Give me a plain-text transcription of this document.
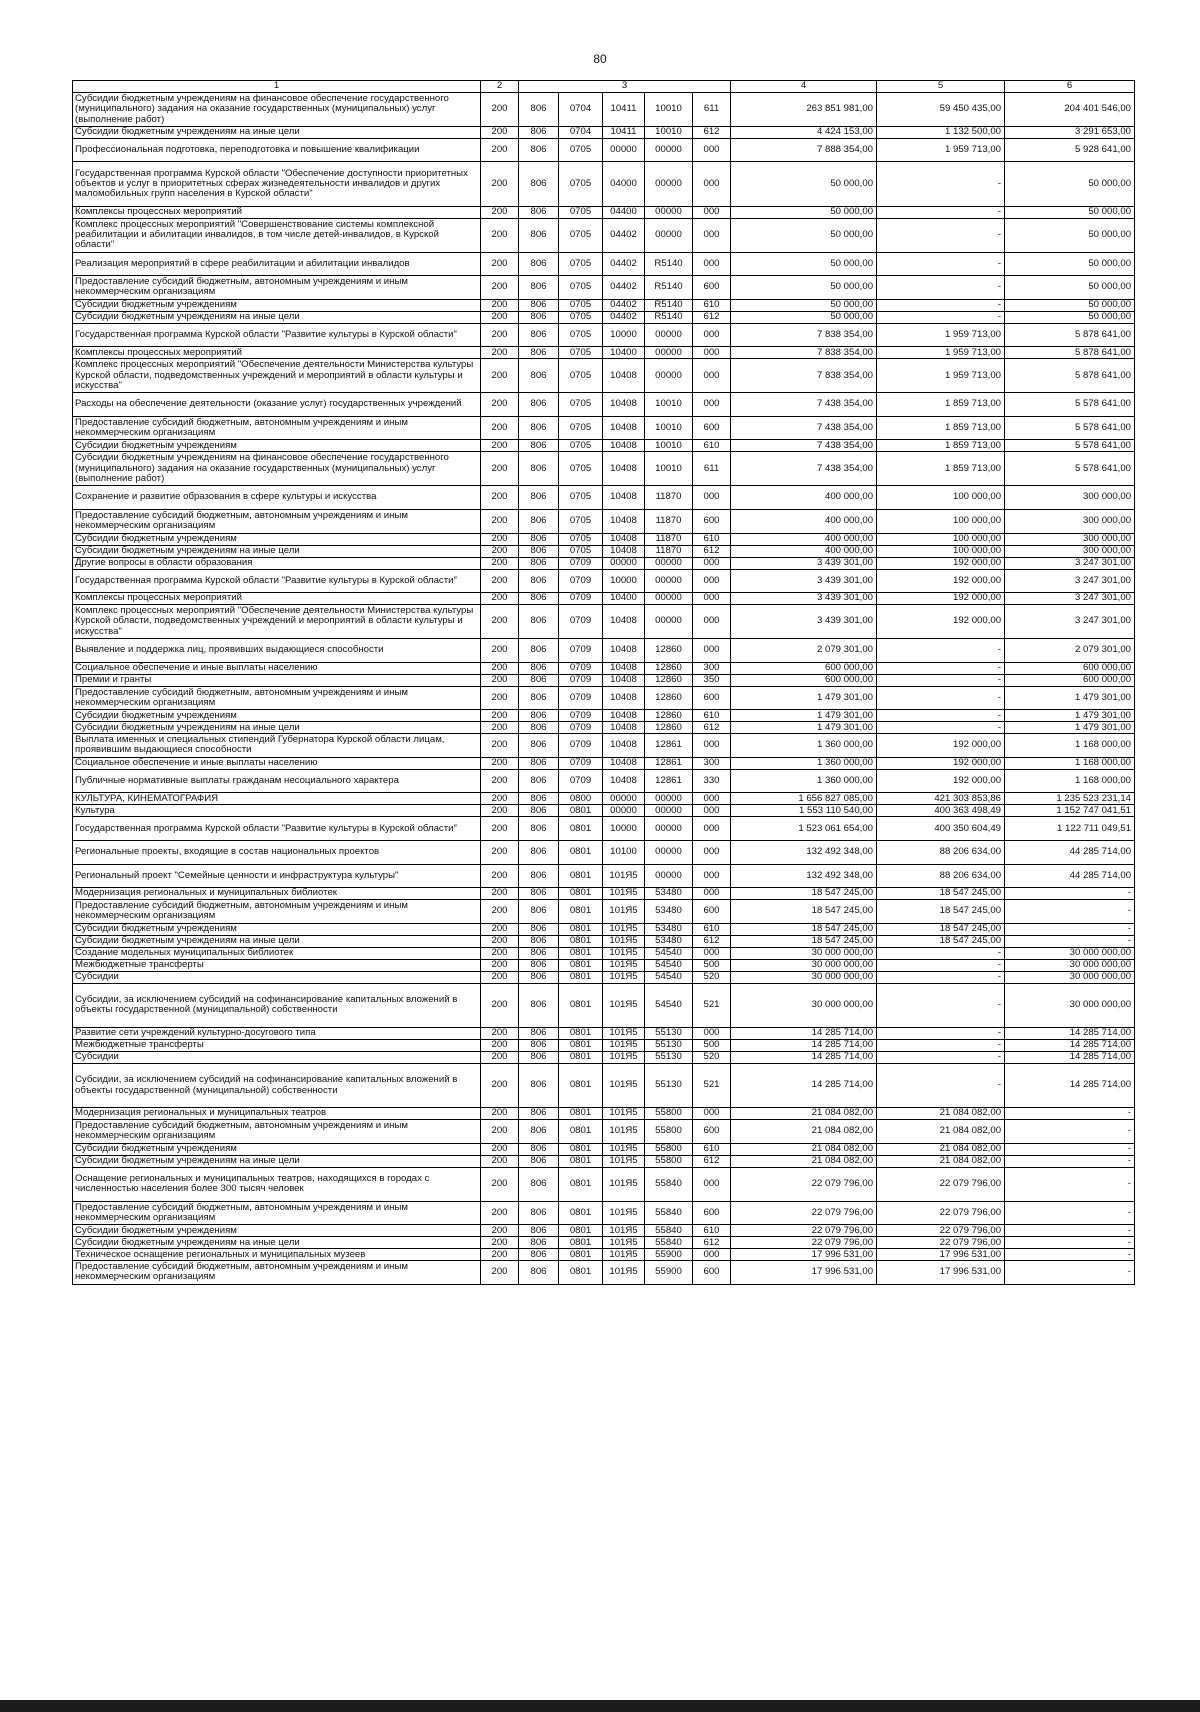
80
1	2	3					4	5	6
Субсидии бюджетным учреждениям на финансовое обеспечение государственного (муниципального) задания на оказание государственных (муниципальных) услуг (выполнение работ)	200	806	0704	10411	10010	611	263 851 981,00	59 450 435,00	204 401 546,00
Субсидии бюджетным учреждениям на иные цели	200	806	0704	10411	10010	612	4 424 153,00	1 132 500,00	3 291 653,00
Профессиональная подготовка, переподготовка и повышение квалификации	200	806	0705	00000	00000	000	7 888 354,00	1 959 713,00	5 928 641,00
Государственная программа Курской области "Обеспечение доступности приоритетных объектов и услуг в приоритетных сферах жизнедеятельности инвалидов и других маломобильных групп населения в Курской области"	200	806	0705	04000	00000	000	50 000,00	-	50 000,00
Комплексы процессных мероприятий	200	806	0705	04400	00000	000	50 000,00	-	50 000,00
Комплекс процессных мероприятий "Совершенствование системы комплексной реабилитации и абилитации инвалидов, в том числе детей-инвалидов, в Курской области"	200	806	0705	04402	00000	000	50 000,00	-	50 000,00
Реализация мероприятий в сфере реабилитации и абилитации инвалидов	200	806	0705	04402	R5140	000	50 000,00	-	50 000,00
Предоставление субсидий бюджетным, автономным учреждениям и иным некоммерческим организациям	200	806	0705	04402	R5140	600	50 000,00	-	50 000,00
Субсидии бюджетным учреждениям	200	806	0705	04402	R5140	610	50 000,00	-	50 000,00
Субсидии бюджетным учреждениям на иные цели	200	806	0705	04402	R5140	612	50 000,00	-	50 000,00
Государственная программа Курской области "Развитие культуры в Курской области"	200	806	0705	10000	00000	000	7 838 354,00	1 959 713,00	5 878 641,00
Комплексы процессных мероприятий	200	806	0705	10400	00000	000	7 838 354,00	1 959 713,00	5 878 641,00
Комплекс процессных мероприятий "Обеспечение деятельности Министерства культуры Курской области, подведомственных учреждений и мероприятий в области культуры и искусства"	200	806	0705	10408	00000	000	7 838 354,00	1 959 713,00	5 878 641,00
Расходы на обеспечение деятельности (оказание услуг) государственных учреждений	200	806	0705	10408	10010	000	7 438 354,00	1 859 713,00	5 578 641,00
Предоставление субсидий бюджетным, автономным учреждениям и иным некоммерческим организациям	200	806	0705	10408	10010	600	7 438 354,00	1 859 713,00	5 578 641,00
Субсидии бюджетным учреждениям	200	806	0705	10408	10010	610	7 438 354,00	1 859 713,00	5 578 641,00
Субсидии бюджетным учреждениям на финансовое обеспечение государственного (муниципального) задания на оказание государственных (муниципальных) услуг (выполнение работ)	200	806	0705	10408	10010	611	7 438 354,00	1 859 713,00	5 578 641,00
Сохранение и развитие образования в сфере культуры и искусства	200	806	0705	10408	11870	000	400 000,00	100 000,00	300 000,00
Предоставление субсидий бюджетным, автономным учреждениям и иным некоммерческим организациям	200	806	0705	10408	11870	600	400 000,00	100 000,00	300 000,00
Субсидии бюджетным учреждениям	200	806	0705	10408	11870	610	400 000,00	100 000,00	300 000,00
Субсидии бюджетным учреждениям на иные цели	200	806	0705	10408	11870	612	400 000,00	100 000,00	300 000,00
Другие вопросы в области образования	200	806	0709	00000	00000	000	3 439 301,00	192 000,00	3 247 301,00
Государственная программа Курской области "Развитие культуры в Курской области"	200	806	0709	10000	00000	000	3 439 301,00	192 000,00	3 247 301,00
Комплексы процессных мероприятий	200	806	0709	10400	00000	000	3 439 301,00	192 000,00	3 247 301,00
Комплекс процессных мероприятий "Обеспечение деятельности Министерства культуры Курской области, подведомственных учреждений и мероприятий в области культуры и искусства"	200	806	0709	10408	00000	000	3 439 301,00	192 000,00	3 247 301,00
Выявление и поддержка лиц, проявивших выдающиеся способности	200	806	0709	10408	12860	000	2 079 301,00	-	2 079 301,00
Социальное обеспечение и иные выплаты населению	200	806	0709	10408	12860	300	600 000,00	-	600 000,00
Премии и гранты	200	806	0709	10408	12860	350	600 000,00	-	600 000,00
Предоставление субсидий бюджетным, автономным учреждениям и иным некоммерческим организациям	200	806	0709	10408	12860	600	1 479 301,00	-	1 479 301,00
Субсидии бюджетным учреждениям	200	806	0709	10408	12860	610	1 479 301,00	-	1 479 301,00
Субсидии бюджетным учреждениям на иные цели	200	806	0709	10408	12860	612	1 479 301,00	-	1 479 301,00
Выплата именных и специальных стипендий Губернатора Курской области лицам, проявившим выдающиеся способности	200	806	0709	10408	12861	000	1 360 000,00	192 000,00	1 168 000,00
Социальное обеспечение и иные выплаты населению	200	806	0709	10408	12861	300	1 360 000,00	192 000,00	1 168 000,00
Публичные нормативные выплаты гражданам несоциального характера	200	806	0709	10408	12861	330	1 360 000,00	192 000,00	1 168 000,00
КУЛЬТУРА, КИНЕМАТОГРАФИЯ	200	806	0800	00000	00000	000	1 656 827 085,00	421 303 853,86	1 235 523 231,14
Культура	200	806	0801	00000	00000	000	1 553 110 540,00	400 363 498,49	1 152 747 041,51
Государственная программа Курской области "Развитие культуры в Курской области"	200	806	0801	10000	00000	000	1 523 061 654,00	400 350 604,49	1 122 711 049,51
Региональные проекты, входящие в состав национальных проектов	200	806	0801	10100	00000	000	132 492 348,00	88 206 634,00	44 285 714,00
Региональный проект "Семейные ценности и инфраструктура культуры"	200	806	0801	101Я5	00000	000	132 492 348,00	88 206 634,00	44 285 714,00
Модернизация региональных и муниципальных библиотек	200	806	0801	101Я5	53480	000	18 547 245,00	18 547 245,00	-
Предоставление субсидий бюджетным, автономным учреждениям и иным некоммерческим организациям	200	806	0801	101Я5	53480	600	18 547 245,00	18 547 245,00	-
Субсидии бюджетным учреждениям	200	806	0801	101Я5	53480	610	18 547 245,00	18 547 245,00	-
Субсидии бюджетным учреждениям на иные цели	200	806	0801	101Я5	53480	612	18 547 245,00	18 547 245,00	-
Создание модельных муниципальных библиотек	200	806	0801	101Я5	54540	000	30 000 000,00	-	30 000 000,00
Межбюджетные трансферты	200	806	0801	101Я5	54540	500	30 000 000,00	-	30 000 000,00
Субсидии	200	806	0801	101Я5	54540	520	30 000 000,00	-	30 000 000,00
Субсидии, за исключением субсидий на софинансирование капитальных вложений в объекты государственной (муниципальной) собственности	200	806	0801	101Я5	54540	521	30 000 000,00	-	30 000 000,00
Развитие сети учреждений культурно-досугового типа	200	806	0801	101Я5	55130	000	14 285 714,00	-	14 285 714,00
Межбюджетные трансферты	200	806	0801	101Я5	55130	500	14 285 714,00	-	14 285 714,00
Субсидии	200	806	0801	101Я5	55130	520	14 285 714,00	-	14 285 714,00
Субсидии, за исключением субсидий на софинансирование капитальных вложений в объекты государственной (муниципальной) собственности	200	806	0801	101Я5	55130	521	14 285 714,00	-	14 285 714,00
Модернизация региональных и муниципальных театров	200	806	0801	101Я5	55800	000	21 084 082,00	21 084 082,00	-
Предоставление субсидий бюджетным, автономным учреждениям и иным некоммерческим организациям	200	806	0801	101Я5	55800	600	21 084 082,00	21 084 082,00	-
Субсидии бюджетным учреждениям	200	806	0801	101Я5	55800	610	21 084 082,00	21 084 082,00	-
Субсидии бюджетным учреждениям на иные цели	200	806	0801	101Я5	55800	612	21 084 082,00	21 084 082,00	-
Оснащение региональных и муниципальных театров, находящихся в городах с численностью населения более 300 тысяч человек	200	806	0801	101Я5	55840	000	22 079 796,00	22 079 796,00	-
Предоставление субсидий бюджетным, автономным учреждениям и иным некоммерческим организациям	200	806	0801	101Я5	55840	600	22 079 796,00	22 079 796,00	-
Субсидии бюджетным учреждениям	200	806	0801	101Я5	55840	610	22 079 796,00	22 079 796,00	-
Субсидии бюджетным учреждениям на иные цели	200	806	0801	101Я5	55840	612	22 079 796,00	22 079 796,00	-
Техническое оснащение региональных и муниципальных музеев	200	806	0801	101Я5	55900	000	17 996 531,00	17 996 531,00	-
Предоставление субсидий бюджетным, автономным учреждениям и иным некоммерческим организациям	200	806	0801	101Я5	55900	600	17 996 531,00	17 996 531,00	-
